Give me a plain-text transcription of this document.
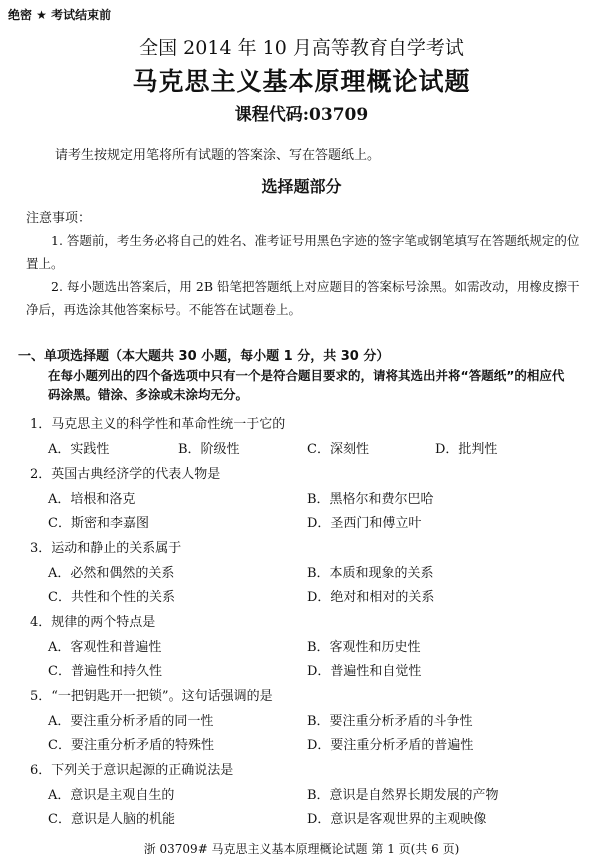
绝密 ★ 考试结束前
全国 2014 年 10 月高等教育自学考试
马克思主义基本原理概论试题
课程代码:03709
请考生按规定用笔将所有试题的答案涂、写在答题纸上。
选择题部分
注意事项：
1. 答题前，考生务必将自己的姓名、准考证号用黑色字迹的签字笔或钢笔填写在答题纸规定的位置上。
2. 每小题选出答案后，用 2B 铅笔把答题纸上对应题目的答案标号涂黑。如需改动，用橡皮擦干净后，再选涂其他答案标号。不能答在试题卷上。
一、单项选择题（本大题共 30 小题，每小题 1 分，共 30 分）
在每小题列出的四个备选项中只有一个是符合题目要求的，请将其选出并将“答题纸”的相应代码涂黑。错涂、多涂或未涂均无分。
1．马克思主义的科学性和革命性统一于它的
A．实践性	B．阶级性	C．深刻性	D．批判性
2．英国古典经济学的代表人物是
A．培根和洛克	B．黑格尔和费尔巴哈
C．斯密和李嘉图	D．圣西门和傅立叶
3．运动和静止的关系属于
A．必然和偶然的关系	B．本质和现象的关系
C．共性和个性的关系	D．绝对和相对的关系
4．规律的两个特点是
A．客观性和普遍性	B．客观性和历史性
C．普遍性和持久性	D．普遍性和自觉性
5．“一把钥匙开一把锁”。这句话强调的是
A．要注重分析矛盾的同一性	B．要注重分析矛盾的斗争性
C．要注重分析矛盾的特殊性	D．要注重分析矛盾的普遍性
6．下列关于意识起源的正确说法是
A．意识是主观自生的	B．意识是自然界长期发展的产物
C．意识是人脑的机能	D．意识是客观世界的主观映像
浙 03709# 马克思主义基本原理概论试题 第 1 页(共 6 页)
